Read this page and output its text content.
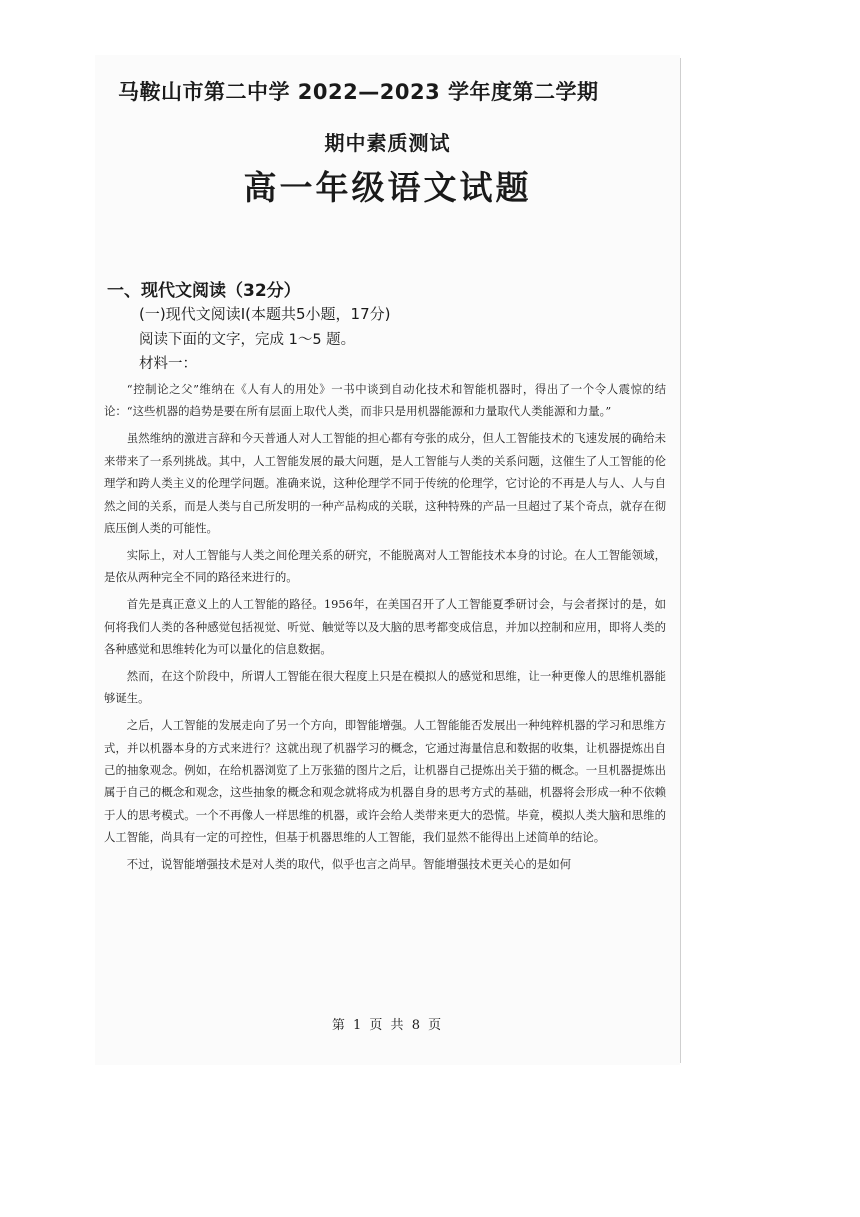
马鞍山市第二中学 2022—2023 学年度第二学期
期中素质测试
高一年级语文试题
一、现代文阅读（32分）
(一)现代文阅读Ⅰ(本题共5小题，17分)
阅读下面的文字，完成 1～5 题。
材料一：

“控制论之父”维纳在《人有人的用处》一书中谈到自动化技术和智能机器时，得出了一个令人震惊的结论：“这些机器的趋势是要在所有层面上取代人类，而非只是用机器能源和力量取代人类能源和力量。”

虽然维纳的激进言辞和今天普通人对人工智能的担心都有夸张的成分，但人工智能技术的飞速发展的确给未来带来了一系列挑战。其中，人工智能发展的最大问题，是人工智能与人类的关系问题，这催生了人工智能的伦理学和跨人类主义的伦理学问题。准确来说，这种伦理学不同于传统的伦理学，它讨论的不再是人与人、人与自然之间的关系，而是人类与自己所发明的一种产品构成的关联，这种特殊的产品一旦超过了某个奇点，就存在彻底压倒人类的可能性。

实际上，对人工智能与人类之间伦理关系的研究，不能脱离对人工智能技术本身的讨论。在人工智能领域，是依从两种完全不同的路径来进行的。

首先是真正意义上的人工智能的路径。1956年，在美国召开了人工智能夏季研讨会，与会者探讨的是，如何将我们人类的各种感觉包括视觉、听觉、触觉等以及大脑的思考都变成信息，并加以控制和应用，即将人类的各种感觉和思维转化为可以量化的信息数据。

然而，在这个阶段中，所谓人工智能在很大程度上只是在模拟人的感觉和思维，让一种更像人的思维机器能够诞生。

之后，人工智能的发展走向了另一个方向，即智能增强。人工智能能否发展出一种纯粹机器的学习和思维方式，并以机器本身的方式来进行？这就出现了机器学习的概念，它通过海量信息和数据的收集，让机器提炼出自己的抽象观念。例如，在给机器浏览了上万张猫的图片之后，让机器自己提炼出关于猫的概念。一旦机器提炼出属于自己的概念和观念，这些抽象的概念和观念就将成为机器自身的思考方式的基础，机器将会形成一种不依赖于人的思考模式。一个不再像人一样思维的机器，或许会给人类带来更大的恐慌。毕竟，模拟人类大脑和思维的人工智能，尚具有一定的可控性，但基于机器思维的人工智能，我们显然不能得出上述简单的结论。

不过，说智能增强技术是对人类的取代，似乎也言之尚早。智能增强技术更关心的是如何

第 1 页 共 8 页
